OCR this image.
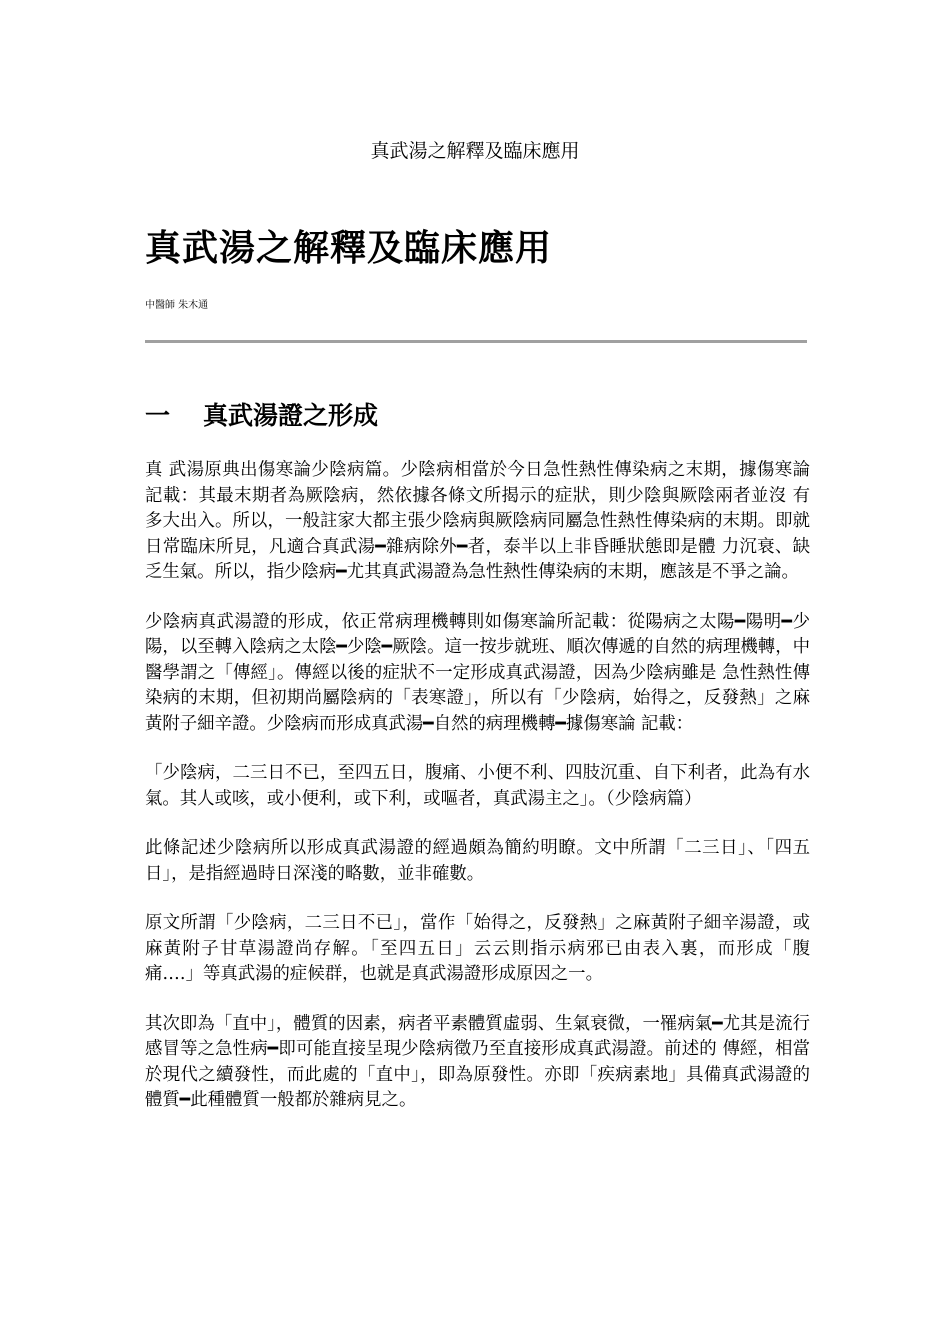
真武湯之解釋及臨床應用
真武湯之解釋及臨床應用
中醫師 朱木通
一 真武湯證之形成

真 武湯原典出傷寒論少陰病篇。少陰病相當於今日急性熱性傳染病之末期，據傷寒論記載：其最末期者為厥陰病，然依據各條文所揭示的症狀，則少陰與厥陰兩者並沒 有多大出入。所以，一般註家大都主張少陰病與厥陰病同屬急性熱性傳染病的末期。即就日常臨床所見，凡適合真武湯━雜病除外━者，泰半以上非昏睡狀態即是體 力沉衰、缺乏生氣。所以，指少陰病━尤其真武湯證為急性熱性傳染病的末期，應該是不爭之論。

少陰病真武湯證的形成，依正常病理機轉則如傷寒論所記載：從陽病之太陽━陽明━少 陽，以至轉入陰病之太陰━少陰━厥陰。這一按步就班、順次傳遞的自然的病理機轉，中醫學謂之「傳經」。傳經以後的症狀不一定形成真武湯證，因為少陰病雖是 急性熱性傳染病的末期，但初期尚屬陰病的「表寒證」，所以有「少陰病，始得之，反發熱」之麻黃附子細辛證。少陰病而形成真武湯━自然的病理機轉━據傷寒論 記載：

「少陰病，二三日不已，至四五日，腹痛、小便不利、四肢沉重、自下利者，此為有水氣。其人或咳，或小便利，或下利，或嘔者，真武湯主之」。（少陰病篇）

此條記述少陰病所以形成真武湯證的經過頗為簡約明瞭。文中所謂「二三日」、「四五日」，是指經過時日深淺的略數，並非確數。

原文所謂「少陰病，二三日不已」，當作「始得之，反發熱」之麻黃附子細辛湯證，或麻黃附子甘草湯證尚存解。「至四五日」云云則指示病邪已由表入裏，而形成「腹痛‥‥」等真武湯的症候群，也就是真武湯證形成原因之一。

其次即為「直中」，體質的因素，病者平素體質虛弱、生氣衰微，一罹病氣━尤其是流行感冒等之急性病━即可能直接呈現少陰病徵乃至直接形成真武湯證。前述的 傳經，相當於現代之續發性，而此處的「直中」，即為原發性。亦即「疾病素地」具備真武湯證的體質━此種體質一般都於雜病見之。
